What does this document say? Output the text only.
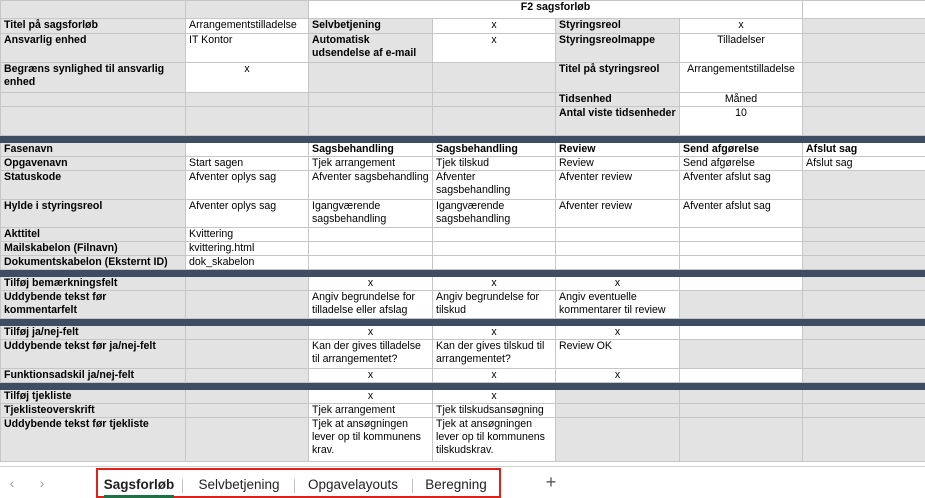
		F2 sagsforløb					
Titel på sagsforløb	Arrangementstilladelse	Selvbetjening	x	Styringsreol	x		
Ansvarlig enhed	IT Kontor	Automatisk udsendelse af e-mail	x	Styringsreolmappe	Tilladelser		
Begræns synlighed til ansvarlig enhed	x			Titel på styringsreol	Arrangementstilladelse		
				Tidsenhed	Måned		
				Antal viste tidsenheder	10		

Fasenavn		Sagsbehandling	Sagsbehandling	Review	Send afgørelse	Afslut sag	
Opgavenavn	Start sagen	Tjek arrangement	Tjek tilskud	Review	Send afgørelse	Afslut sag	
Statuskode	Afventer oplys sag	Afventer sagsbehandling	Afventer sagsbehandling	Afventer review	Afventer afslut sag		
Hylde i styringsreol	Afventer oplys sag	Igangværende sagsbehandling	Igangværende sagsbehandling	Afventer review	Afventer afslut sag		
Akttitel	Kvittering						
Mailskabelon (Filnavn)	kvittering.html						
Dokumentskabelon (Eksternt ID)	dok_skabelon						

Tilføj bemærkningsfelt		x	x	x			
Uddybende tekst før kommentarfelt		Angiv begrundelse for tilladelse eller afslag	Angiv begrundelse for tilskud	Angiv eventuelle kommentarer til review			

Tilføj ja/nej-felt		x	x	x			
Uddybende tekst før ja/nej-felt		Kan der gives tilladelse til arrangementet?	Kan der gives tilskud til arrangementet?	Review OK			
Funktionsadskil ja/nej-felt		x	x	x			

Tilføj tjekliste		x	x				
Tjeklisteoverskrift		Tjek arrangement	Tjek tilskudsansøgning				
Uddybende tekst før tjekliste		Tjek at ansøgningen lever op til kommunens krav.	Tjek at ansøgningen lever op til kommunens tilskudskrav.				
‹	›	Sagsforløb	Selvbetjening	Opgavelayouts	Beregning	+
